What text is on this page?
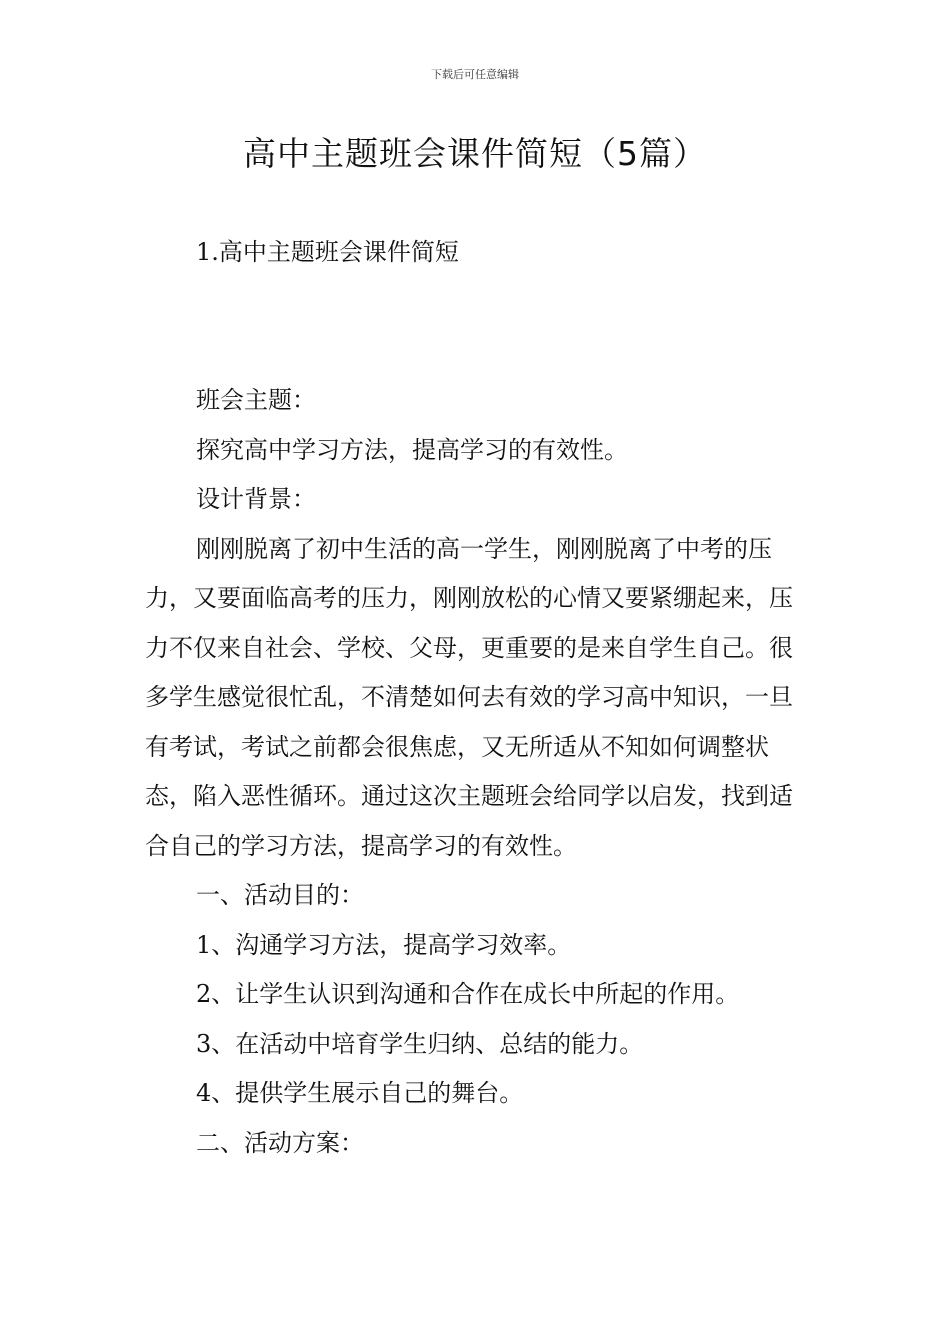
下载后可任意编辑
高中主题班会课件简短（5篇）
1.高中主题班会课件简短

班会主题：

探究高中学习方法，提高学习的有效性。

设计背景：

刚刚脱离了初中生活的高一学生，刚刚脱离了中考的压力，又要面临高考的压力，刚刚放松的心情又要紧绷起来，压力不仅来自社会、学校、父母，更重要的是来自学生自己。很多学生感觉很忙乱，不清楚如何去有效的学习高中知识，一旦有考试，考试之前都会很焦虑，又无所适从不知如何调整状态，陷入恶性循环。通过这次主题班会给同学以启发，找到适合自己的学习方法，提高学习的有效性。

一、活动目的：

1、沟通学习方法，提高学习效率。

2、让学生认识到沟通和合作在成长中所起的作用。

3、在活动中培育学生归纳、总结的能力。

4、提供学生展示自己的舞台。

二、活动方案：
